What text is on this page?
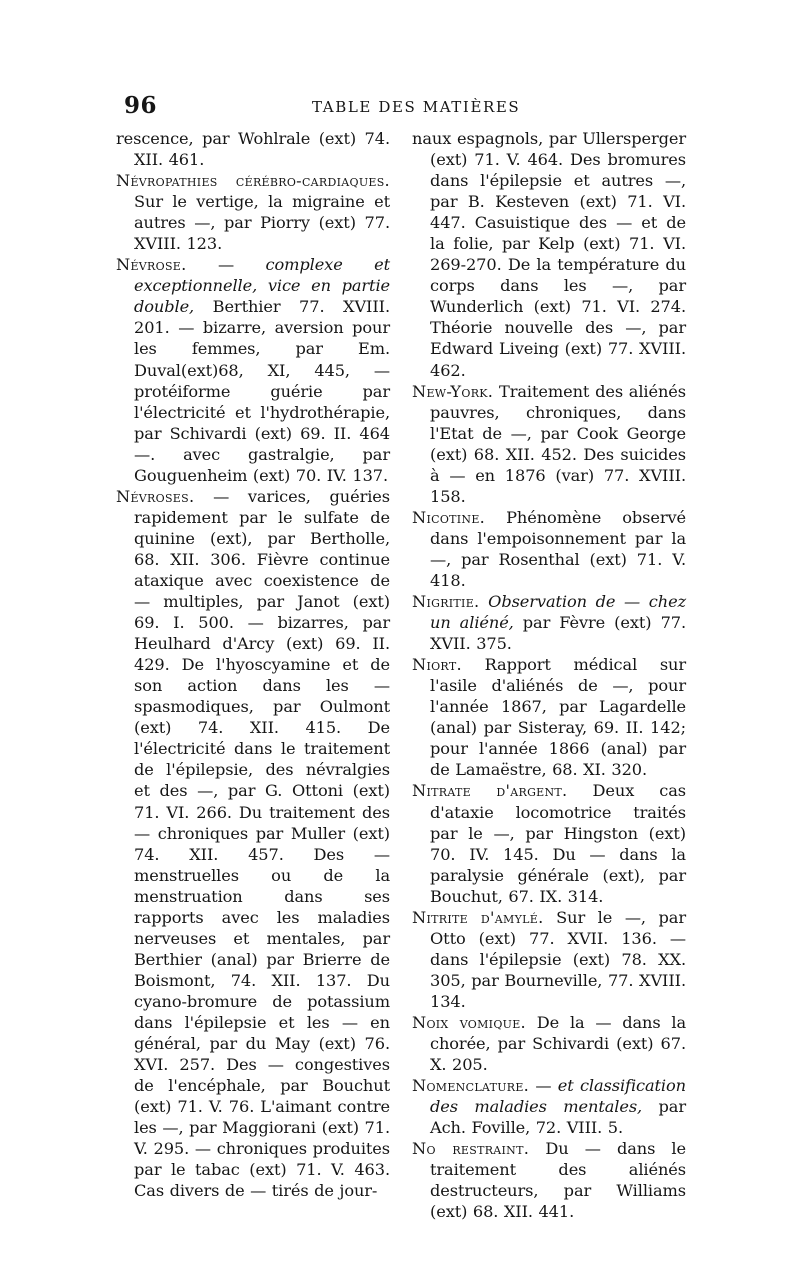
96	TABLE DES MATIÈRES

rescence, par Wohlrale (ext) 74. XII. 461.

Névropathies cérébro-cardiaques. Sur le vertige, la migraine et autres —, par Piorry (ext) 77. XVIII. 123.

Névrose. — complexe et exceptionnelle, vice en partie double, Berthier 77. XVIII. 201. — bizarre, aversion pour les femmes, par Em. Duval(ext)68, XI, 445, — protéiforme guérie par l'électricité et l'hydrothérapie, par Schivardi (ext) 69. II. 464 —. avec gastralgie, par Gouguenheim (ext) 70. IV. 137.

Névroses. — varices, guéries rapidement par le sulfate de quinine (ext), par Bertholle, 68. XII. 306. Fièvre continue ataxique avec coexistence de — multiples, par Janot (ext) 69. I. 500. — bizarres, par Heulhard d'Arcy (ext) 69. II. 429. De l'hyoscyamine et de son action dans les — spasmodiques, par Oulmont (ext) 74. XII. 415. De l'électricité dans le traitement de l'épilepsie, des névralgies et des —, par G. Ottoni (ext) 71. VI. 266. Du traitement des — chroniques par Muller (ext) 74. XII. 457. Des — menstruelles ou de la menstruation dans ses rapports avec les maladies nerveuses et mentales, par Berthier (anal) par Brierre de Boismont, 74. XII. 137. Du cyano-bromure de potassium dans l'épilepsie et les — en général, par du May (ext) 76. XVI. 257. Des — congestives de l'encéphale, par Bouchut (ext) 71. V. 76. L'aimant contre les —, par Maggiorani (ext) 71. V. 295. — chroniques produites par le tabac (ext) 71. V. 463. Cas divers de — tirés de jour-

naux espagnols, par Ullersperger (ext) 71. V. 464. Des bromures dans l'épilepsie et autres —, par B. Kesteven (ext) 71. VI. 447. Casuistique des — et de la folie, par Kelp (ext) 71. VI. 269-270. De la température du corps dans les —, par Wunderlich (ext) 71. VI. 274. Théorie nouvelle des —, par Edward Liveing (ext) 77. XVIII. 462.

New-York. Traitement des aliénés pauvres, chroniques, dans l'Etat de —, par Cook George (ext) 68. XII. 452. Des suicides à — en 1876 (var) 77. XVIII. 158.

Nicotine. Phénomène observé dans l'empoisonnement par la —, par Rosenthal (ext) 71. V. 418.

Nigritie. Observation de — chez un aliéné, par Fèvre (ext) 77. XVII. 375.

Niort. Rapport médical sur l'asile d'aliénés de —, pour l'année 1867, par Lagardelle (anal) par Sisteray, 69. II. 142; pour l'année 1866 (anal) par de Lamaëstre, 68. XI. 320.

Nitrate d'argent. Deux cas d'ataxie locomotrice traités par le —, par Hingston (ext) 70. IV. 145. Du — dans la paralysie générale (ext), par Bouchut, 67. IX. 314.

Nitrite d'amylé. Sur le —, par Otto (ext) 77. XVII. 136. — dans l'épilepsie (ext) 78. XX. 305, par Bourneville, 77. XVIII. 134.

Noix vomique. De la — dans la chorée, par Schivardi (ext) 67. X. 205.

Nomenclature. — et classification des maladies mentales, par Ach. Foville, 72. VIII. 5.

No restraint. Du — dans le traitement des aliénés destructeurs, par Williams (ext) 68. XII. 441.
